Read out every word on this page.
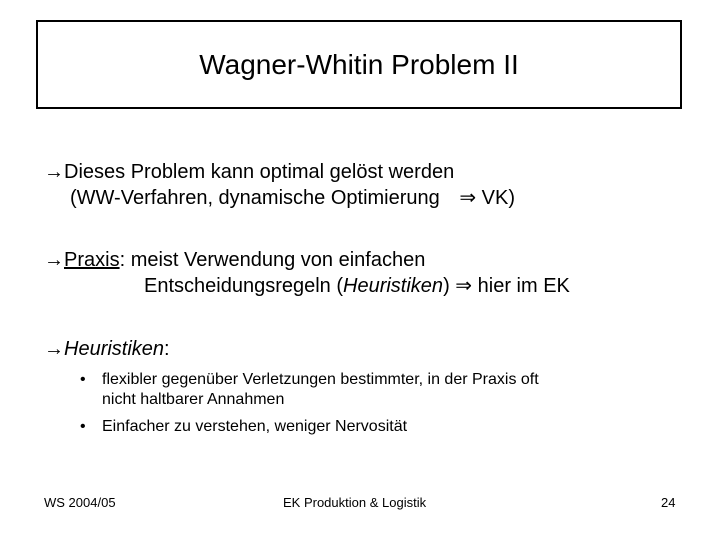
Wagner-Whitin Problem II
→Dieses Problem kann optimal gelöst werden
(WW-Verfahren, dynamische Optimierung ⇒ VK)
→Praxis: meist Verwendung von einfachen
Entscheidungsregeln (Heuristiken) ⇒ hier im EK
→Heuristiken:
• flexibler gegenüber Verletzungen bestimmter, in der Praxis oft
nicht haltbarer Annahmen
• Einfacher zu verstehen, weniger Nervosität
WS 2004/05	EK Produktion & Logistik	24
